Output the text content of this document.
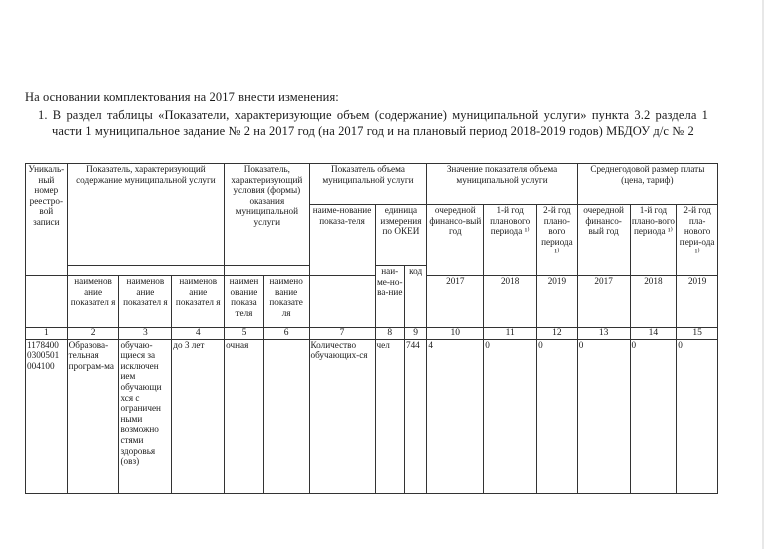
На основании комплектования на 2017 внести изменения:
1. В раздел таблицы «Показатели, характеризующие объем (содержание) муниципальной услуги» пункта 3.2 раздела 1
части 1 муниципальное задание № 2 на 2017 год (на 2017 год и на плановый период 2018-2019 годов) МБДОУ д/с № 2
Уникаль-ный номер реестро-вой записи	Показатель, характеризующий содержание муниципальной услуги			Показатель, характеризующий условия (формы) оказания муниципальной услуги		Показатель объема муниципальной услуги			Значение показателя объема муниципальной услуги			Среднегодовой размер платы (цена, тариф)		
						наиме-нование показа-теля	единица измерения по ОКЕИ		очередной финансо-вый год	1-й год планового периода ¹⁾	2-й год плано-вого периода ¹⁾	очередной финансо-вый год	1-й год плано-вого периода ¹⁾	2-й год пла-нового пери-ода ¹⁾
							наи-ме-но-ва-ние	код						
	наименов ание показател я	наименов ание показател я	наименов ание показател я	наимен ование показа теля	наимено вание показате ля				2017	2018	2019	2017	2018	2019
1	2	3	4	5	6	7	8	9	10	11	12	13	14	15
1178400 0300501 004100	Образова-тельная програм-ма	обучаю-щиеся за исключен ием обучающи хся с ограничен ными возможно стями здоровья (овз)	до 3 лет	очная		Количество обучающих-ся	чел	744	4	0	0	0	0	0
